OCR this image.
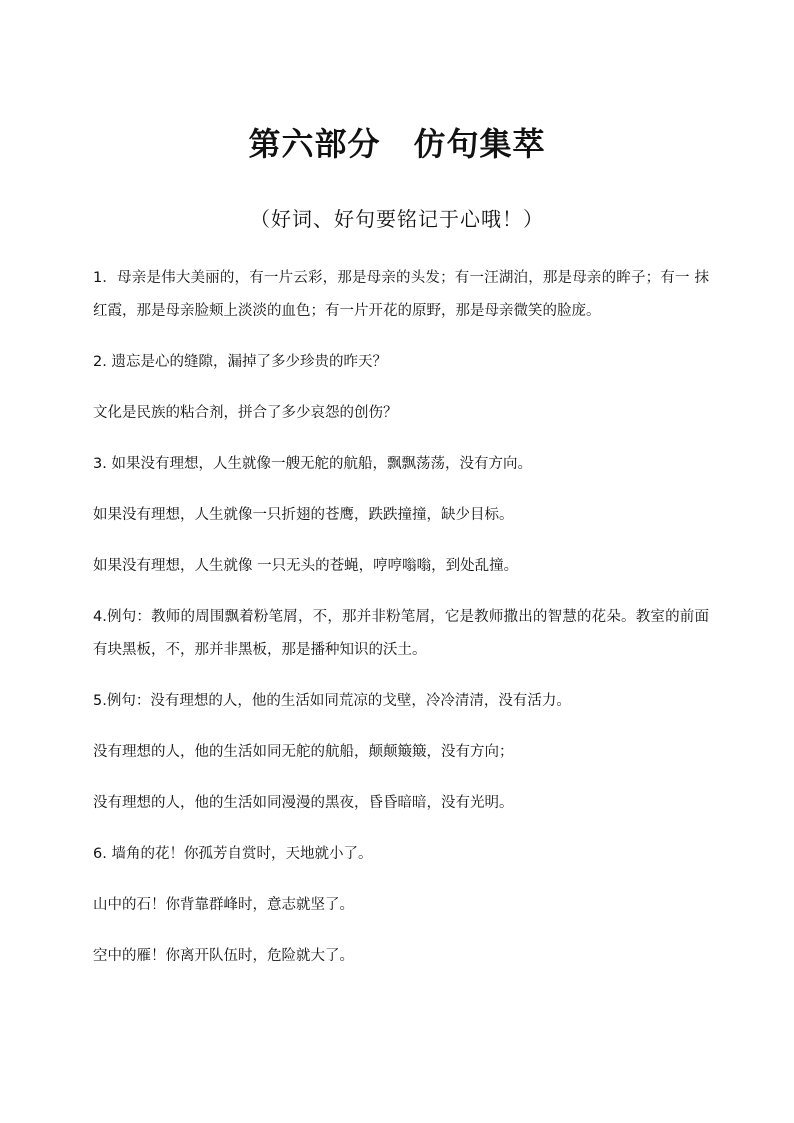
第六部分　仿句集萃
（好词、好句要铭记于心哦！）

1．母亲是伟大美丽的，有一片云彩，那是母亲的头发；有一汪湖泊，那是母亲的眸子；有一 抹红霞，那是母亲脸颊上淡淡的血色；有一片开花的原野，那是母亲微笑的脸庞。

2. 遗忘是心的缝隙，漏掉了多少珍贵的昨天？

文化是民族的粘合剂，拼合了多少哀怨的创伤？

3. 如果没有理想，人生就像一艘无舵的航船，飘飘荡荡，没有方向。

如果没有理想，人生就像一只折翅的苍鹰，跌跌撞撞，缺少目标。

如果没有理想，人生就像 一只无头的苍蝇，哼哼嗡嗡，到处乱撞。

4.例句：教师的周围飘着粉笔屑，不，那并非粉笔屑，它是教师撒出的智慧的花朵。教室的前面有块黑板，不，那并非黑板，那是播种知识的沃土。

5.例句：没有理想的人，他的生活如同荒凉的戈壁，冷冷清清，没有活力。

没有理想的人，他的生活如同无舵的航船，颠颠簸簸，没有方向；

没有理想的人，他的生活如同漫漫的黑夜，昏昏暗暗，没有光明。

6. 墙角的花！你孤芳自赏时，天地就小了。

山中的石！你背靠群峰时，意志就坚了。

空中的雁！你离开队伍时，危险就大了。
